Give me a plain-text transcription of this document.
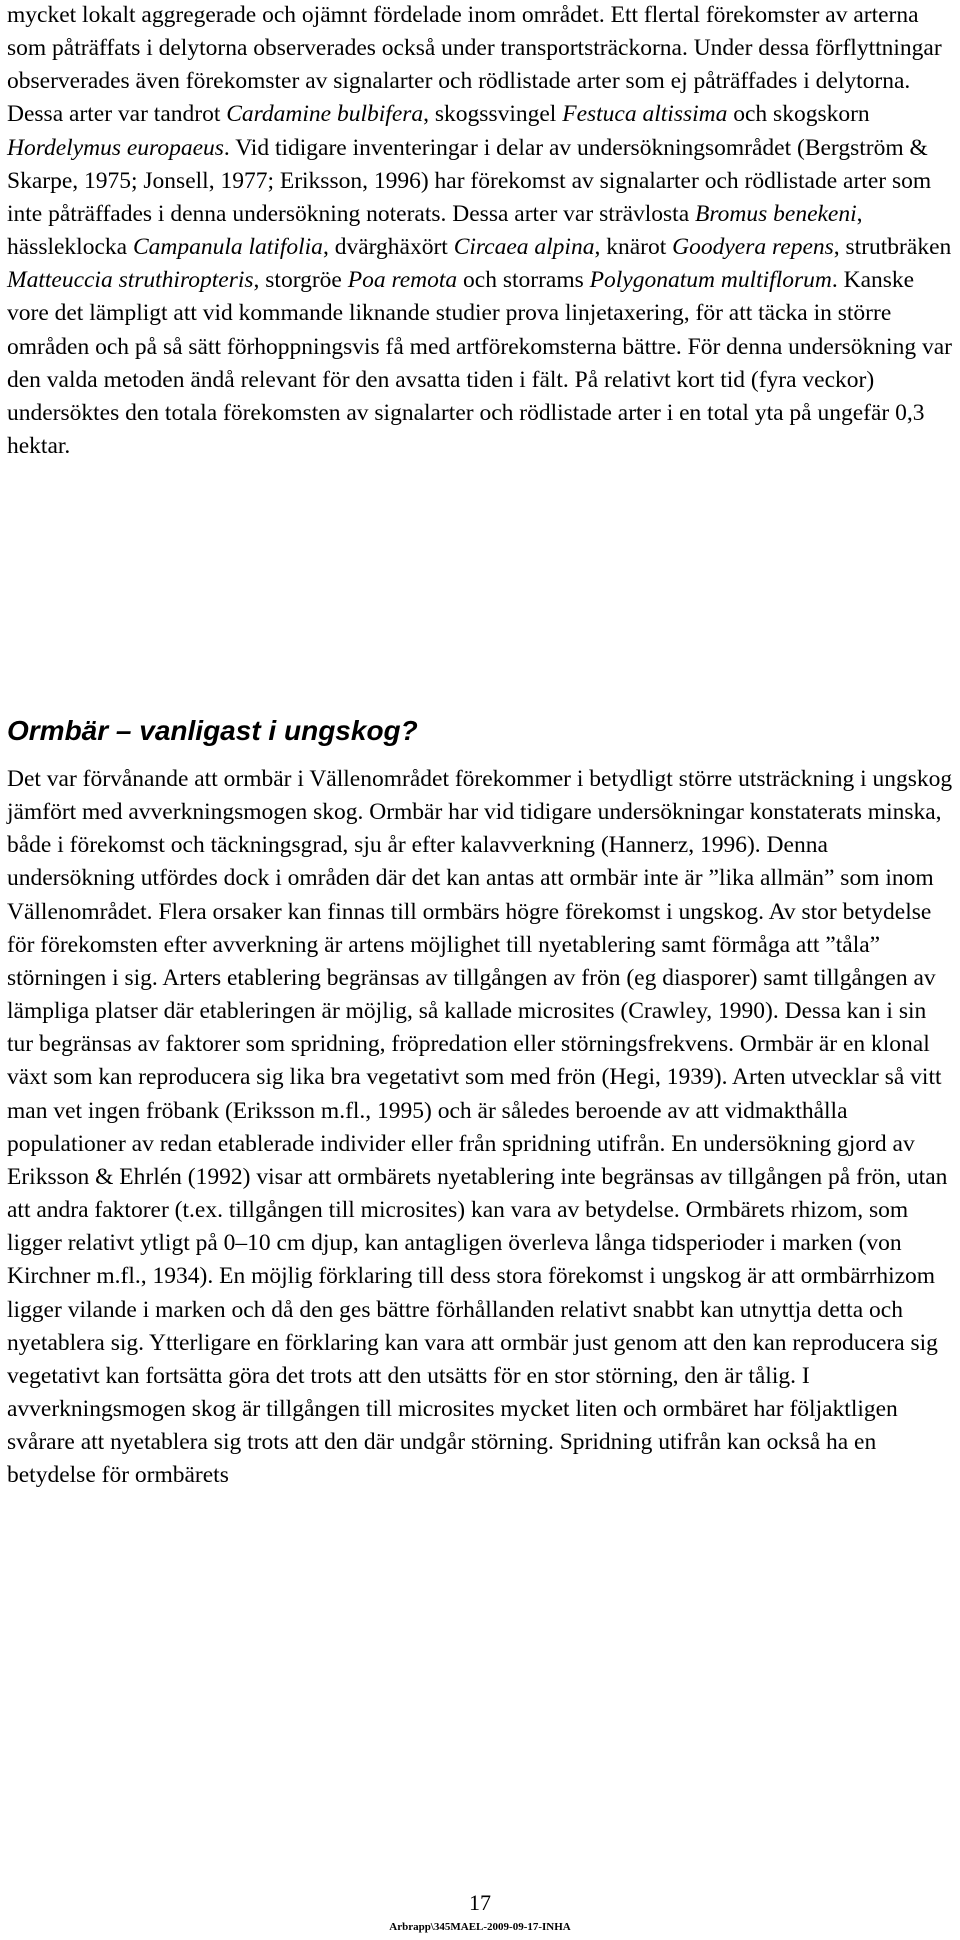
mycket lokalt aggregerade och ojämnt fördelade inom området. Ett flertal förekomster av arterna som påträffats i delytorna observerades också under transportsträckorna. Under dessa förflyttningar observerades även förekomster av signalarter och rödlistade arter som ej påträffades i delytorna. Dessa arter var tandrot Cardamine bulbifera, skogssvingel Festuca altissima och skogskorn Hordelymus europaeus. Vid tidigare inventeringar i delar av undersökningsområdet (Bergström & Skarpe, 1975; Jonsell, 1977; Eriksson, 1996) har förekomst av signalarter och rödlistade arter som inte påträffades i denna undersökning noterats. Dessa arter var strävlosta Bromus benekeni, hässleklocka Campanula latifolia, dvärghäxört Circaea alpina, knärot Goodyera repens, strutbräken Matteuccia struthiropteris, storgröe Poa remota och storrams Polygonatum multiflorum. Kanske vore det lämpligt att vid kommande liknande studier prova linjetaxering, för att täcka in större områden och på så sätt förhoppningsvis få med artförekomsterna bättre. För denna undersökning var den valda metoden ändå relevant för den avsatta tiden i fält. På relativt kort tid (fyra veckor) undersöktes den totala förekomsten av signalarter och rödlistade arter i en total yta på ungefär 0,3 hektar.

Ormbär – vanligast i ungskog?

Det var förvånande att ormbär i Vällenområdet förekommer i betydligt större utsträckning i ungskog jämfört med avverkningsmogen skog. Ormbär har vid tidigare undersökningar konstaterats minska, både i förekomst och täckningsgrad, sju år efter kalavverkning (Hannerz, 1996). Denna undersökning utfördes dock i områden där det kan antas att ormbär inte är ”lika allmän” som inom Vällenområdet. Flera orsaker kan finnas till ormbärs högre förekomst i ungskog. Av stor betydelse för förekomsten efter avverkning är artens möjlighet till nyetablering samt förmåga att ”tåla” störningen i sig. Arters etablering begränsas av tillgången av frön (eg diasporer) samt tillgången av lämpliga platser där etableringen är möjlig, så kallade microsites (Crawley, 1990). Dessa kan i sin tur begränsas av faktorer som spridning, fröpredation eller störningsfrekvens. Ormbär är en klonal växt som kan reproducera sig lika bra vegetativt som med frön (Hegi, 1939). Arten utvecklar så vitt man vet ingen fröbank (Eriksson m.fl., 1995) och är således beroende av att vidmakthålla populationer av redan etablerade individer eller från spridning utifrån. En undersökning gjord av Eriksson & Ehrlén (1992) visar att ormbärets nyetablering inte begränsas av tillgången på frön, utan att andra faktorer (t.ex. tillgången till microsites) kan vara av betydelse. Ormbärets rhizom, som ligger relativt ytligt på 0–10 cm djup, kan antagligen överleva långa tidsperioder i marken (von Kirchner m.fl., 1934). En möjlig förklaring till dess stora förekomst i ungskog är att ormbärrhizom ligger vilande i marken och då den ges bättre förhållanden relativt snabbt kan utnyttja detta och nyetablera sig. Ytterligare en förklaring kan vara att ormbär just genom att den kan reproducera sig vegetativt kan fortsätta göra det trots att den utsätts för en stor störning, den är tålig. I avverkningsmogen skog är tillgången till microsites mycket liten och ormbäret har följaktligen svårare att nyetablera sig trots att den där undgår störning. Spridning utifrån kan också ha en betydelse för ormbärets

17
Arbrapp\345MAEL-2009-09-17-INHA
